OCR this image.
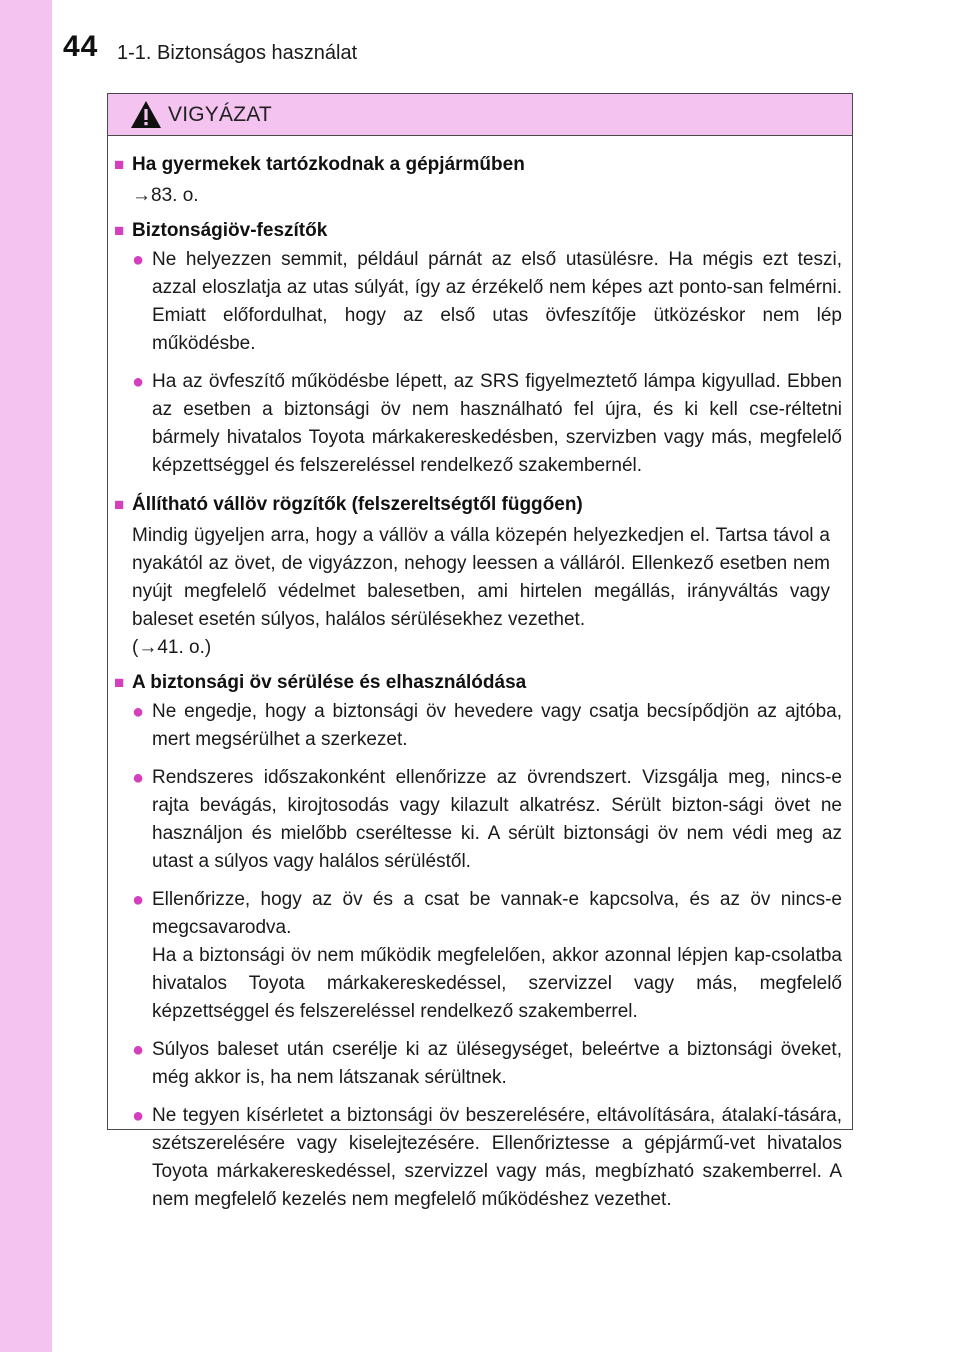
44 1-1. Biztonságos használat
VIGYÁZAT
■ Ha gyermekek tartózkodnak a gépjárműben
→83. o.
■ Biztonságiöv-feszítők
● Ne helyezzen semmit, például párnát az első utasülésre. Ha mégis ezt teszi, azzal eloszlatja az utas súlyát, így az érzékelő nem képes azt ponto-san felmérni. Emiatt előfordulhat, hogy az első utas övfeszítője ütközéskor nem lép működésbe.
● Ha az övfeszítő működésbe lépett, az SRS figyelmeztető lámpa kigyullad. Ebben az esetben a biztonsági öv nem használható fel újra, és ki kell cse-réltetni bármely hivatalos Toyota márkakereskedésben, szervizben vagy más, megfelelő képzettséggel és felszereléssel rendelkező szakembernél.
■ Állítható vállöv rögzítők (felszereltségtől függően)
Mindig ügyeljen arra, hogy a vállöv a válla közepén helyezkedjen el. Tartsa távol a nyakától az övet, de vigyázzon, nehogy leessen a válláról. Ellenkező esetben nem nyújt megfelelő védelmet balesetben, ami hirtelen megállás, irányváltás vagy baleset esetén súlyos, halálos sérülésekhez vezethet.
(→41. o.)
■ A biztonsági öv sérülése és elhasználódása
● Ne engedje, hogy a biztonsági öv hevedere vagy csatja becsípődjön az ajtóba, mert megsérülhet a szerkezet.
● Rendszeres időszakonként ellenőrizze az övrendszert. Vizsgálja meg, nincs-e rajta bevágás, kirojtosodás vagy kilazult alkatrész. Sérült bizton-sági övet ne használjon és mielőbb cseréltesse ki. A sérült biztonsági öv nem védi meg az utast a súlyos vagy halálos sérüléstől.
● Ellenőrizze, hogy az öv és a csat be vannak-e kapcsolva, és az öv nincs-e megcsavarodva.
Ha a biztonsági öv nem működik megfelelően, akkor azonnal lépjen kap-csolatba hivatalos Toyota márkakereskedéssel, szervizzel vagy más, megfelelő képzettséggel és felszereléssel rendelkező szakemberrel.
● Súlyos baleset után cserélje ki az ülésegységet, beleértve a biztonsági öveket, még akkor is, ha nem látszanak sérültnek.
● Ne tegyen kísérletet a biztonsági öv beszerelésére, eltávolítására, átalakí-tására, szétszerelésére vagy kiselejtezésére. Ellenőriztesse a gépjármű-vet hivatalos Toyota márkakereskedéssel, szervizzel vagy más, megbízható szakemberrel. A nem megfelelő kezelés nem megfelelő működéshez vezethet.
